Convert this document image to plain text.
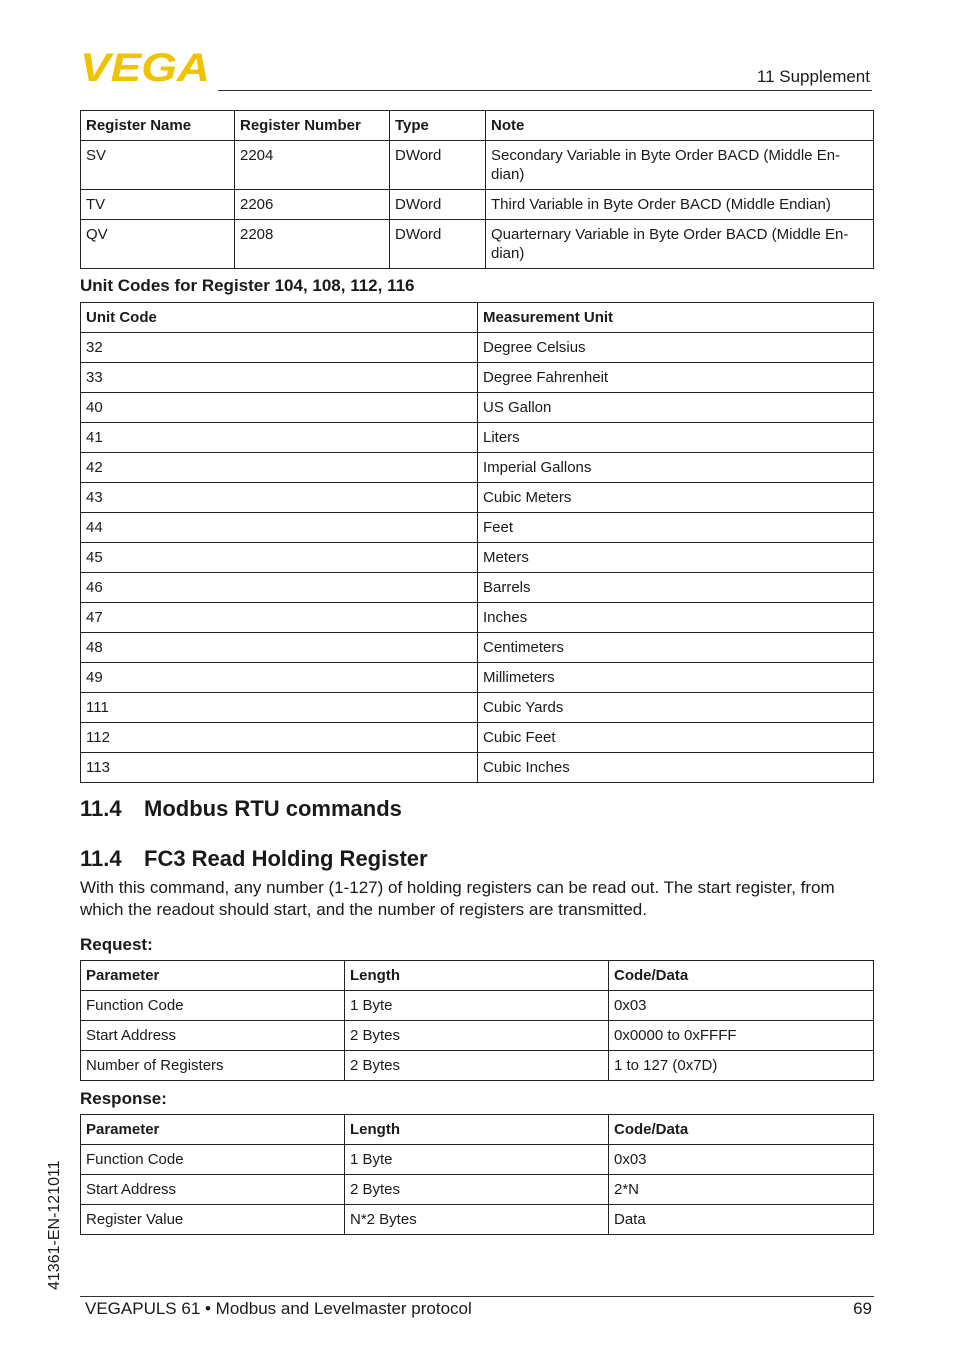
VEGA	11 Supplement
Register Name	Register Number	Type	Note
SV	2204	DWord	Secondary Variable in Byte Order BACD (Middle En-dian)
TV	2206	DWord	Third Variable in Byte Order BACD (Middle Endian)
QV	2208	DWord	Quarternary Variable in Byte Order BACD (Middle En-dian)
Unit Codes for Register 104, 108, 112, 116
Unit Code	Measurement Unit
32	Degree Celsius
33	Degree Fahrenheit
40	US Gallon
41	Liters
42	Imperial Gallons
43	Cubic Meters
44	Feet
45	Meters
46	Barrels
47	Inches
48	Centimeters
49	Millimeters
111	Cubic Yards
112	Cubic Feet
113	Cubic Inches
11.4 Modbus RTU commands
11.4 FC3 Read Holding Register

With this command, any number (1-127) of holding registers can be read out. The start register, from which the readout should start, and the number of registers are transmitted.

Request:
Parameter	Length	Code/Data
Function Code	1 Byte	0x03
Start Address	2 Bytes	0x0000 to 0xFFFF
Number of Registers	2 Bytes	1 to 127 (0x7D)
Response:
Parameter	Length	Code/Data
Function Code	1 Byte	0x03
Start Address	2 Bytes	2*N
Register Value	N*2 Bytes	Data
41361-EN-121011
VEGAPULS 61 • Modbus and Levelmaster protocol	69
